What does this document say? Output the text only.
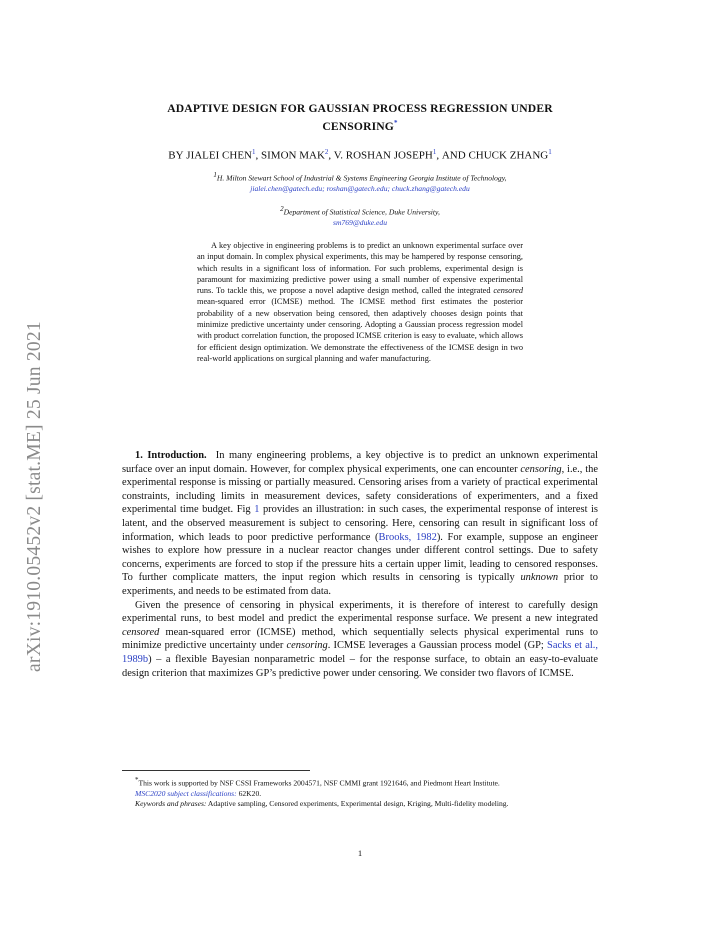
arXiv:1910.05452v2 [stat.ME] 25 Jun 2021
ADAPTIVE DESIGN FOR GAUSSIAN PROCESS REGRESSION UNDER
CENSORING*
BY JIALEI CHEN$^1$, SIMON MAK$^2$, V. ROSHAN JOSEPH$^1$, AND CHUCK ZHANG$^1$
$^1$H. Milton Stewart School of Industrial & Systems Engineering Georgia Institute of Technology,
jialei.chen@gatech.edu; roshan@gatech.edu; chuck.zhang@gatech.edu
$^2$Department of Statistical Science, Duke University,
sm769@duke.edu

A key objective in engineering problems is to predict an unknown experimental surface over an input domain. In complex physical experiments, this may be hampered by response censoring, which results in a significant loss of information. For such problems, experimental design is paramount for maximizing predictive power using a small number of expensive experimental runs. To tackle this, we propose a novel adaptive design method, called the integrated censored mean-squared error (ICMSE) method. The ICMSE method first estimates the posterior probability of a new observation being censored, then adaptively chooses design points that minimize predictive uncertainty under censoring. Adopting a Gaussian process regression model with product correlation function, the proposed ICMSE criterion is easy to evaluate, which allows for efficient design optimization. We demonstrate the effectiveness of the ICMSE design in two real-world applications on surgical planning and wafer manufacturing.

1. Introduction. In many engineering problems, a key objective is to predict an unknown experimental surface over an input domain. However, for complex physical experiments, one can encounter censoring, i.e., the experimental response is missing or partially measured. Censoring arises from a variety of practical experimental constraints, including limits in measurement devices, safety considerations of experimenters, and a fixed experimental time budget. Fig 1 provides an illustration: in such cases, the experimental response of interest is latent, and the observed measurement is subject to censoring. Here, censoring can result in significant loss of information, which leads to poor predictive performance (Brooks, 1982). For example, suppose an engineer wishes to explore how pressure in a nuclear reactor changes under different control settings. Due to safety concerns, experiments are forced to stop if the pressure hits a certain upper limit, leading to censored responses. To further complicate matters, the input region which results in censoring is typically unknown prior to experiments, and needs to be estimated from data.

Given the presence of censoring in physical experiments, it is therefore of interest to carefully design experimental runs, to best model and predict the experimental response surface. We present a new integrated censored mean-squared error (ICMSE) method, which sequentially selects physical experimental runs to minimize predictive uncertainty under censoring. ICMSE leverages a Gaussian process model (GP; Sacks et al., 1989b) – a flexible Bayesian nonparametric model – for the response surface, to obtain an easy-to-evaluate design criterion that maximizes GP’s predictive power under censoring. We consider two flavors of ICMSE.

*This work is supported by NSF CSSI Frameworks 2004571, NSF CMMI grant 1921646, and Piedmont Heart Institute.

MSC2020 subject classifications: 62K20.

Keywords and phrases: Adaptive sampling, Censored experiments, Experimental design, Kriging, Multi-fidelity modeling.

1
